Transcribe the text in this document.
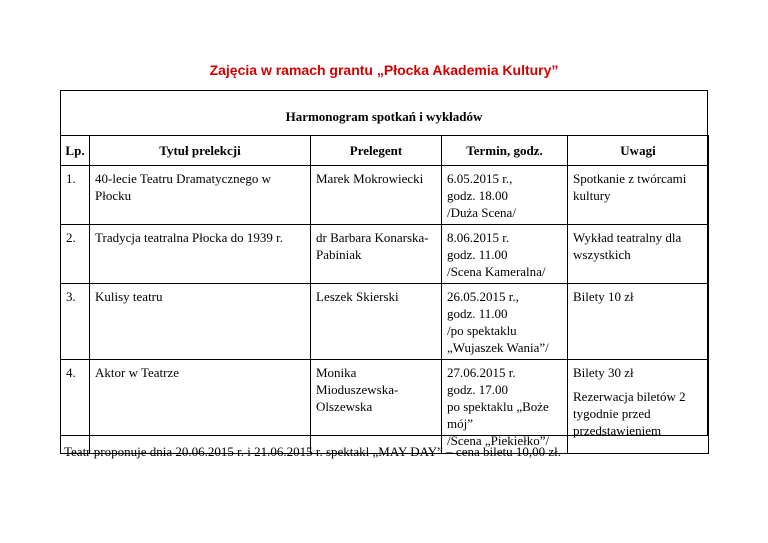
Zajęcia w ramach grantu „Płocka Akademia Kultury”
Harmonogram spotkań i wykładów
Lp.	Tytuł prelekcji	Prelegent	Termin, godz.	Uwagi
1.	40-lecie Teatru Dramatycznego w Płocku	Marek Mokrowiecki	6.05.2015 r.,
godz. 18.00
/Duża Scena/	Spotkanie z twórcami
kultury

2.	Tradycja teatralna Płocka do 1939 r.	dr Barbara Konarska-
Pabiniak	8.06.2015 r.
godz. 11.00
/Scena Kameralna/	Wykład teatralny dla
wszystkich

3.	Kulisy teatru	Leszek Skierski	26.05.2015 r.,
godz. 11.00
/po spektaklu
„Wujaszek Wania”/	Bilety 10 zł

4.	Aktor w Teatrze	Monika
Mioduszewska-
Olszewska	27.06.2015 r.
godz. 17.00
po spektaklu „Boże
mój”
/Scena „Piekiełko”/	Bilety 30 zł
Rezerwacja biletów 2
tygodnie przed
przedstawieniem
Teatr proponuje dnia 20.06.2015 r. i 21.06.2015 r. spektakl „MAY DAY” – cena biletu 10,00 zł.
